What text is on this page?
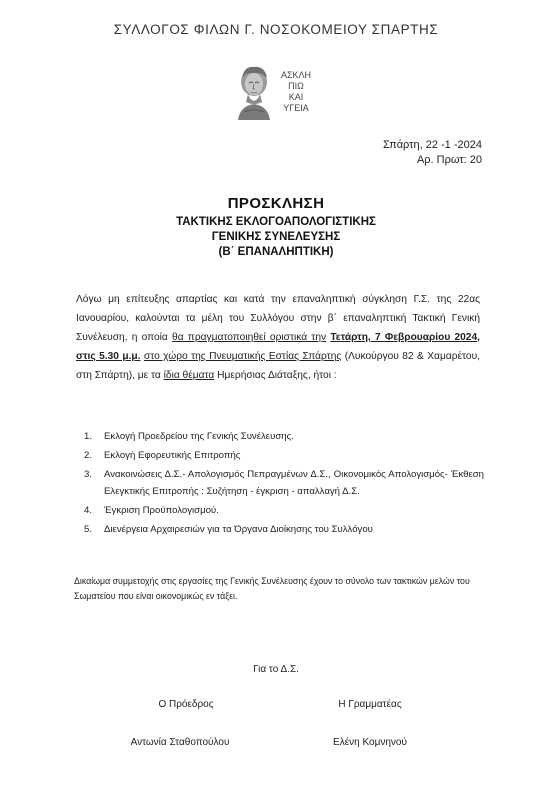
ΣΥΛΛΟΓΟΣ ΦΙΛΩΝ Γ. ΝΟΣΟΚΟΜΕΙΟΥ ΣΠΑΡΤΗΣ
ΑΣΚΛΗ
ΠΙΩ
ΚΑΙ
ΥΓΕΙΑ
Σπάρτη, 22 -1 -2024
Αρ. Πρωτ: 20
ΠΡΟΣΚΛΗΣΗ
ΤΑΚΤΙΚΗΣ ΕΚΛΟΓΟΑΠΟΛΟΓΙΣΤΙΚΗΣ
ΓΕΝΙΚΗΣ ΣΥΝΕΛΕΥΣΗΣ
(Β΄ ΕΠΑΝΑΛΗΠΤΙΚΗ)
Λόγω μη επίτευξης απαρτίας και κατά την επαναληπτική σύγκληση Γ.Σ. της 22ας Ιανουαρίου, καλούνται τα μέλη του Συλλόγου στην β΄ επαναληπτική Τακτική Γενική Συνέλευση, η οποία θα πραγματοποιηθεί οριστικά την Τετάρτη, 7 Φεβρουαρίου 2024, στις 5.30 μ.μ. στο χώρο της Πνευματικής Εστίας Σπάρτης (Λυκούργου 82 & Χαμαρέτου, στη Σπάρτη), με τα ίδια θέματα Ημερήσιας Διάταξης, ήτοι :
1.	Εκλογή Προεδρείου της Γενικής Συνέλευσης.
2.	Εκλογή Εφορευτικής Επιτροπής
3.	Ανακοινώσεις Δ.Σ.- Απολογισμός Πεπραγμένων Δ.Σ., Οικονομικός Απολογισμός- Έκθεση Ελεγκτικής Επιτροπής : Συζήτηση - έγκριση - απαλλαγή Δ.Σ.
4.	Έγκριση Προϋπολογισμού.
5.	Διενέργεια Αρχαιρεσιών για τα Όργανα Διοίκησης του Συλλόγου
Δικαίωμα συμμετοχής στις εργασίες της Γενικής Συνέλευσης έχουν το σύνολο των τακτικών μελών του Σωματείου που είναι οικονομικώς εν τάξει.
Για το Δ.Σ.
Ο Πρόεδρος	Η Γραμματέας
Αντωνία Σταθοπούλου	Ελένη Κομνηνού
